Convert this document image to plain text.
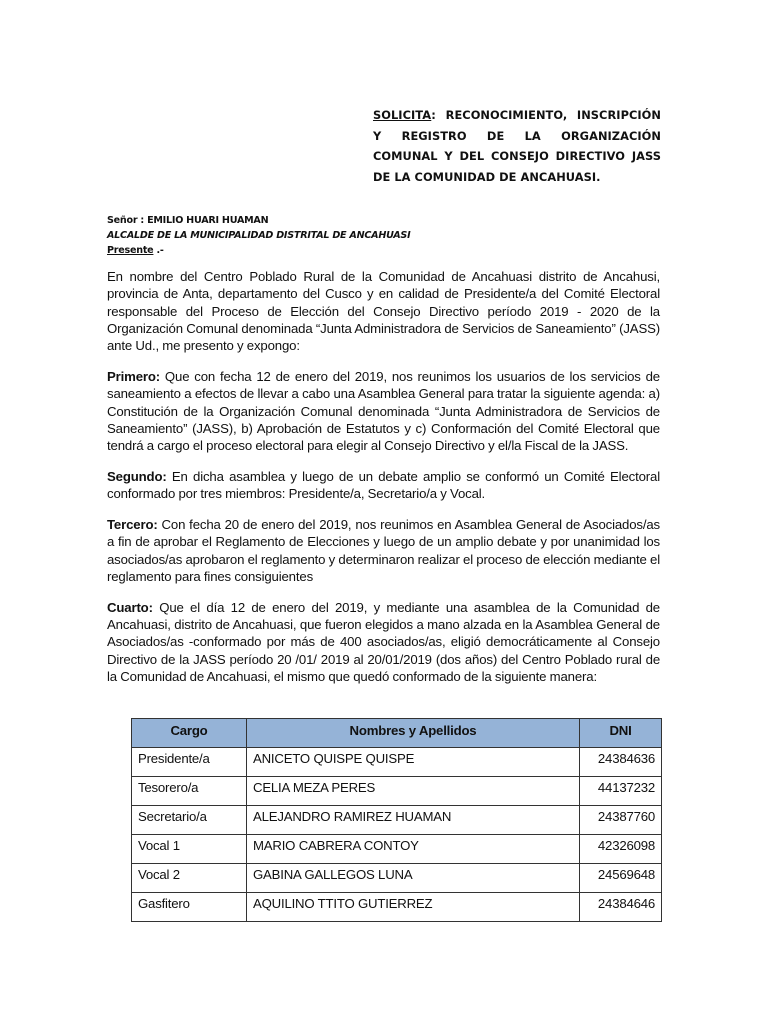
SOLICITA: RECONOCIMIENTO, INSCRIPCIÓN Y REGISTRO DE LA ORGANIZACIÓN COMUNAL Y DEL CONSEJO DIRECTIVO JASS DE LA COMUNIDAD DE ANCAHUASI.
Señor : EMILIO HUARI HUAMAN
ALCALDE DE LA MUNICIPALIDAD DISTRITAL DE ANCAHUASI
Presente .-

En nombre del Centro Poblado Rural de la Comunidad de Ancahuasi distrito de Ancahusi, provincia de Anta, departamento del Cusco y en calidad de Presidente/a del Comité Electoral responsable del Proceso de Elección del Consejo Directivo período 2019 - 2020 de la Organización Comunal denominada “Junta Administradora de Servicios de Saneamiento” (JASS) ante Ud., me presento y expongo:

Primero: Que con fecha 12 de enero del 2019, nos reunimos los usuarios de los servicios de saneamiento a efectos de llevar a cabo una Asamblea General para tratar la siguiente agenda: a) Constitución de la Organización Comunal denominada “Junta Administradora de Servicios de Saneamiento” (JASS), b) Aprobación de Estatutos y c) Conformación del Comité Electoral que tendrá a cargo el proceso electoral para elegir al Consejo Directivo y el/la Fiscal de la JASS.

Segundo: En dicha asamblea y luego de un debate amplio se conformó un Comité Electoral conformado por tres miembros: Presidente/a, Secretario/a y Vocal.

Tercero: Con fecha 20 de enero del 2019, nos reunimos en Asamblea General de Asociados/as a fin de aprobar el Reglamento de Elecciones y luego de un amplio debate y por unanimidad los asociados/as aprobaron el reglamento y determinaron realizar el proceso de elección mediante el reglamento para fines consiguientes

Cuarto: Que el día 12 de enero del 2019, y mediante una asamblea de la Comunidad de Ancahuasi, distrito de Ancahuasi, que fueron elegidos a mano alzada en la Asamblea General de Asociados/as -conformado por más de 400 asociados/as, eligió democráticamente al Consejo Directivo de la JASS período 20 /01/ 2019 al 20/01/2019 (dos años) del Centro Poblado rural de la Comunidad de Ancahuasi, el mismo que quedó conformado de la siguiente manera:

Cargo	Nombres y Apellidos	DNI
Presidente/a	ANICETO QUISPE QUISPE	24384636
Tesorero/a	CELIA MEZA PERES	44137232
Secretario/a	ALEJANDRO RAMIREZ HUAMAN	24387760
Vocal 1	MARIO CABRERA CONTOY	42326098
Vocal 2	GABINA GALLEGOS LUNA	24569648
Gasfitero	AQUILINO TTITO GUTIERREZ	24384646
